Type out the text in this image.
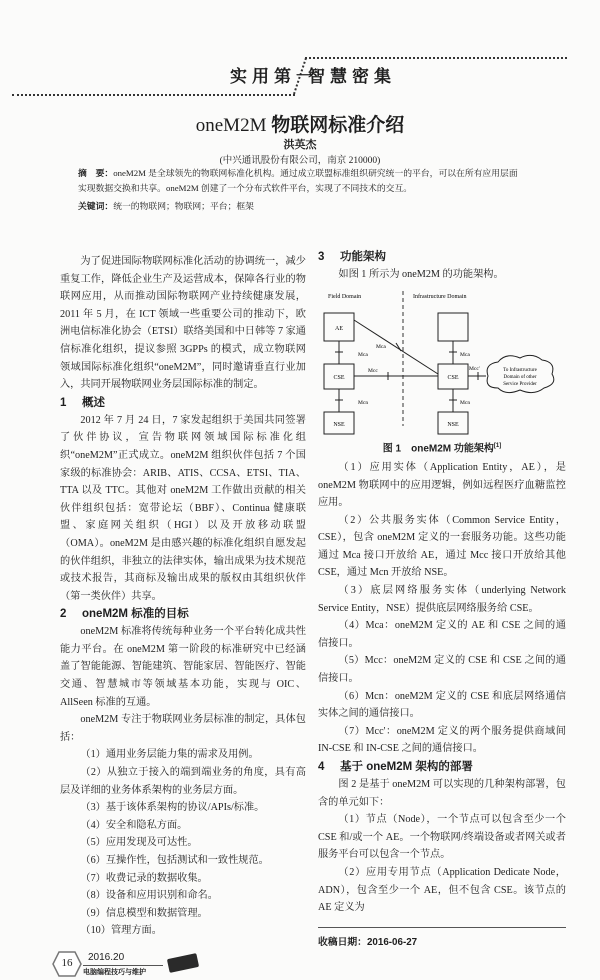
实用第一
智慧密集
oneM2M 物联网标准介绍
洪英杰
(中兴通讯股份有限公司，南京 210000)
摘　要：oneM2M 是全球领先的物联网标准化机构。通过成立联盟标准组织研究统一的平台，可以在所有应用层面实现数据交换和共享。oneM2M 创建了一个分布式软件平台，实现了不同技术的交互。
关键词：统一的物联网；物联网；平台；框架

为了促进国际物联网标准化活动的协调统一，减少重复工作，降低企业生产及运营成本，保障各行业的物联网应用，从而推动国际物联网产业持续健康发展，2011 年 5 月，在 ICT 领域一些重要公司的推动下，欧洲电信标准化协会（ETSI）联络美国和中日韩等 7 家通信标准化组织，提议参照 3GPPs 的模式，成立物联网领域国际标准化组织“oneM2M”，同时邀请垂直行业加入，共同开展物联网业务层国际标准的制定。

1 概述

2012 年 7 月 24 日，7 家发起组织于美国共同签署了伙伴协议，宣告物联网领域国际标准化组织“oneM2M”正式成立。oneM2M 组织伙伴包括 7 个国家级的标准协会：ARIB、ATIS、CCSA、ETSI、TIA、TTA 以及 TTC。其他对 oneM2M 工作做出贡献的相关伙伴组织包括：宽带论坛（BBF）、Continua 健康联盟、家庭网关组织（HGI）以及开放移动联盟（OMA）。oneM2M 是由感兴趣的标准化组织自愿发起的伙伴组织，非独立的法律实体，输出成果为技术规范或技术报告，其商标及输出成果的版权由其组织伙伴（第一类伙伴）共享。

2 oneM2M 标准的目标

oneM2M 标准将传统每种业务一个平台转化成共性能力平台。在 oneM2M 第一阶段的标准研究中已经涵盖了智能能源、智能建筑、智能家居、智能医疗、智能交通、智慧城市等领域基本功能，实现与 OIC、AllSeen 标准的互通。

oneM2M 专注于物联网业务层标准的制定，具体包括：

（1）通用业务层能力集的需求及用例。

（2）从独立于接入的端到端业务的角度，具有高层及详细的业务体系架构的业务层方面。

（3）基于该体系架构的协议/APIs/标准。

（4）安全和隐私方面。

（5）应用发现及可达性。

（6）互操作性，包括测试和一致性规范。

（7）收费记录的数据收集。

（8）设备和应用识别和命名。

（9）信息模型和数据管理。

（10）管理方面。

16	2016.20
电脑编程技巧与维护
3 功能架构

如图 1 所示为 oneM2M 的功能架构。

Field Domain	Infrastructure Domain
AE
CSE
NSE
CSE
NSE
Mca
Mcn
Mcc
Mca
Mca
Mcn
Mcc'	To Infrastructure
Domain of other
Service Provider
图 1　oneM2M 功能架构[1]

（1）应用实体（Application Entity，AE），是 oneM2M 物联网中的应用逻辑，例如远程医疗血糖监控应用。

（2）公共服务实体（Common Service Entity，CSE），包含 oneM2M 定义的一套服务功能。这些功能通过 Mca 接口开放给 AE，通过 Mcc 接口开放给其他 CSE，通过 Mcn 开放给 NSE。

（3）底层网络服务实体（underlying Network Service Entity，NSE）提供底层网络服务给 CSE。

（4）Mca：oneM2M 定义的 AE 和 CSE 之间的通信接口。

（5）Mcc：oneM2M 定义的 CSE 和 CSE 之间的通信接口。

（6）Mcn：oneM2M 定义的 CSE 和底层网络通信实体之间的通信接口。

（7）Mcc'：oneM2M 定义的两个服务提供商域间 IN-CSE 和 IN-CSE 之间的通信接口。

4 基于 oneM2M 架构的部署

图 2 是基于 oneM2M 可以实现的几种架构部署，包含的单元如下：

（1）节点（Node），一个节点可以包含至少一个 CSE 和/或一个 AE。一个物联网/终端设备或者网关或者服务平台可以包含一个节点。

（2）应用专用节点（Application Dedicate Node，ADN），包含至少一个 AE，但不包含 CSE。该节点的 AE 定义为

收稿日期：2016-06-27
